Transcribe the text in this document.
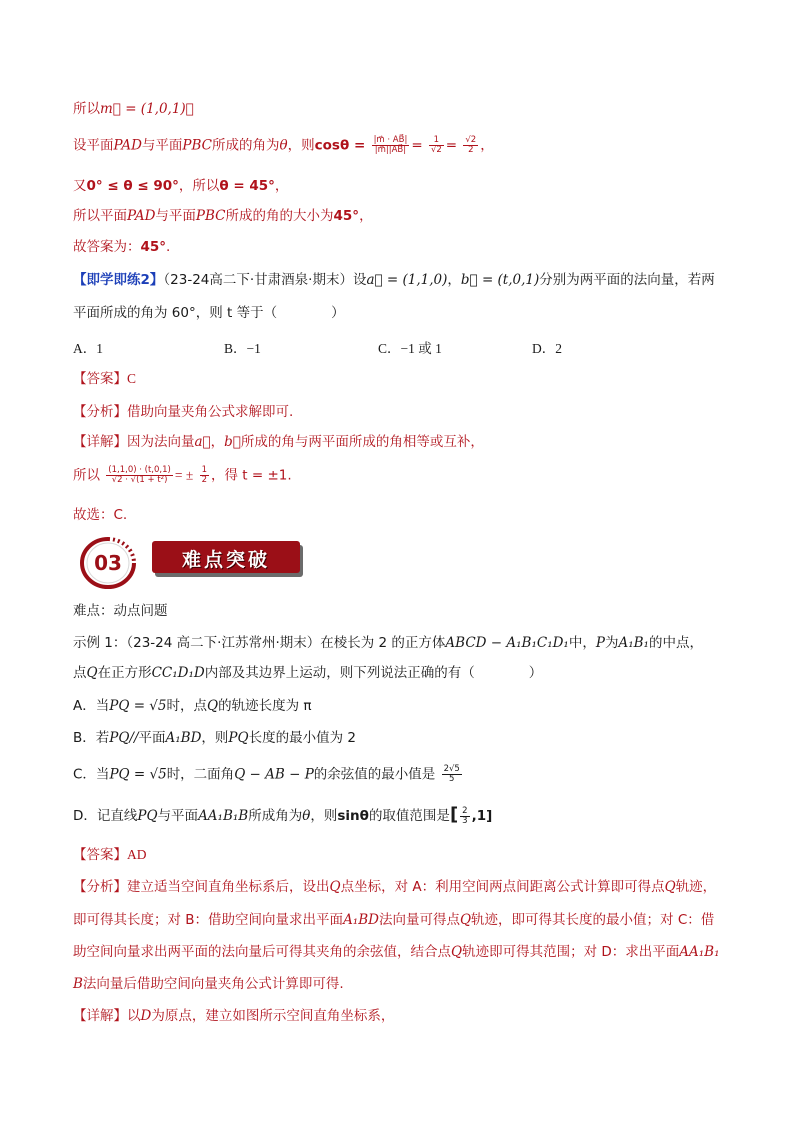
所以m⃗ = (1,0,1)，
设平面PAD与平面PBC所成的角为θ，则$\cos\theta = \frac{|m⃗ \cdot AB⃗|}{|m⃗||AB⃗|} = \frac{1}{√2} = \frac{√2}{2}$ ，
又0° ≤ θ ≤ 90°，所以θ = 45°，
所以平面PAD与平面PBC所成的角的大小为45°，
故答案为：45°.
【即学即练2】（23-24高二下·甘肃酒泉·期末）设a⃗ = (1,1,0)，b⃗ = (t,0,1)分别为两平面的法向量，若两
平面所成的角为 60°，则 t 等于（　　　　）
A．1	B．−1	C．−1 或 1	D．2
【答案】C
【分析】借助向量夹角公式求解即可.
【详解】因为法向量a⃗，b⃗所成的角与两平面所成的角相等或互补，
所以 $\frac{(1,1,0) \cdot (t,0,1)}{\text{√2 · √(1 + t²)}}$ = ± $\frac{1}{2}$ ，得 t = ±1.
故选：C.
03	难点突破
难点：动点问题
示例 1：（23-24 高二下·江苏常州·期末）在棱长为 2 的正方体ABCD − A₁B₁C₁D₁中，P为A₁B₁的中点，
点Q在正方形CC₁D₁D内部及其边界上运动，则下列说法正确的有（　　　　）
A．当PQ = √5时，点Q的轨迹长度为 π
B．若PQ//平面A₁BD，则PQ长度的最小值为 2
C．当PQ = √5时，二面角Q − AB − P的余弦值的最小值是 $\frac{2√5}{5}$
D．记直线PQ与平面AA₁B₁B所成角为θ，则sinθ的取值范围是[ $\frac{2}{3} ,1$]
【答案】AD
【分析】建立适当空间直角坐标系后，设出Q点坐标，对 A：利用空间两点间距离公式计算即可得点Q轨迹，
即可得其长度；对 B：借助空间向量求出平面A₁BD法向量可得点Q轨迹，即可得其长度的最小值；对 C：借
助空间向量求出两平面的法向量后可得其夹角的余弦值，结合点Q轨迹即可得其范围；对 D：求出平面AA₁B₁
B法向量后借助空间向量夹角公式计算即可得.
【详解】以D为原点，建立如图所示空间直角坐标系，
